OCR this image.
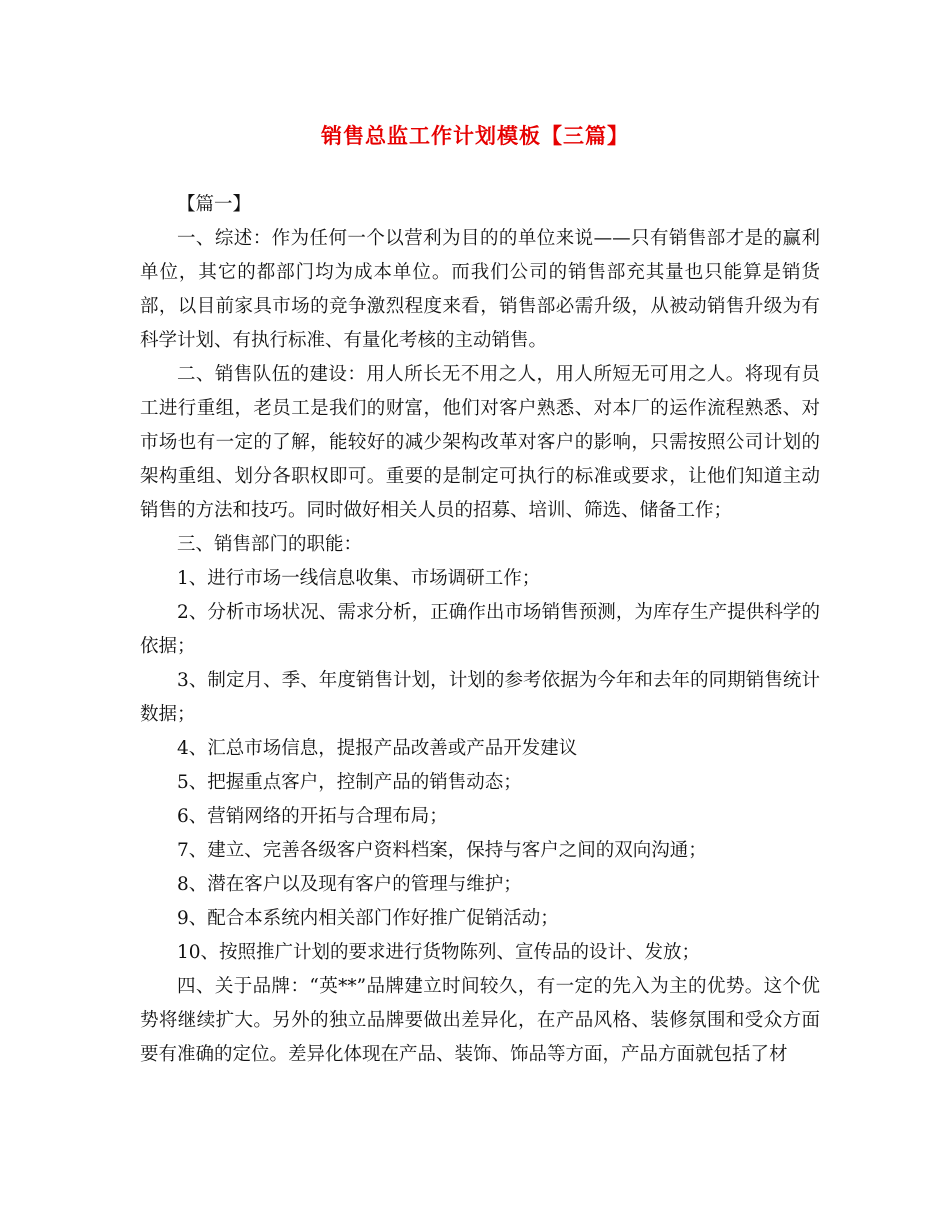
销售总监工作计划模板【三篇】

【篇一】

一、综述：作为任何一个以营利为目的的单位来说——只有销售部才是的赢利单位，其它的都部门均为成本单位。而我们公司的销售部充其量也只能算是销货部，以目前家具市场的竞争激烈程度来看，销售部必需升级，从被动销售升级为有科学计划、有执行标准、有量化考核的主动销售。

二、销售队伍的建设：用人所长无不用之人，用人所短无可用之人。将现有员工进行重组，老员工是我们的财富，他们对客户熟悉、对本厂的运作流程熟悉、对市场也有一定的了解，能较好的减少架构改革对客户的影响，只需按照公司计划的架构重组、划分各职权即可。重要的是制定可执行的标准或要求，让他们知道主动销售的方法和技巧。同时做好相关人员的招募、培训、筛选、储备工作；

三、销售部门的职能：

1、进行市场一线信息收集、市场调研工作；

2、分析市场状况、需求分析，正确作出市场销售预测，为库存生产提供科学的依据；

3、制定月、季、年度销售计划，计划的参考依据为今年和去年的同期销售统计数据；

4、汇总市场信息，提报产品改善或产品开发建议

5、把握重点客户，控制产品的销售动态；

6、营销网络的开拓与合理布局；

7、建立、完善各级客户资料档案，保持与客户之间的双向沟通；

8、潜在客户以及现有客户的管理与维护；

9、配合本系统内相关部门作好推广促销活动；

10、按照推广计划的要求进行货物陈列、宣传品的设计、发放；

四、关于品牌：“英**”品牌建立时间较久，有一定的先入为主的优势。这个优势将继续扩大。另外的独立品牌要做出差异化，在产品风格、装修氛围和受众方面要有准确的定位。差异化体现在产品、装饰、饰品等方面，产品方面就包括了材
